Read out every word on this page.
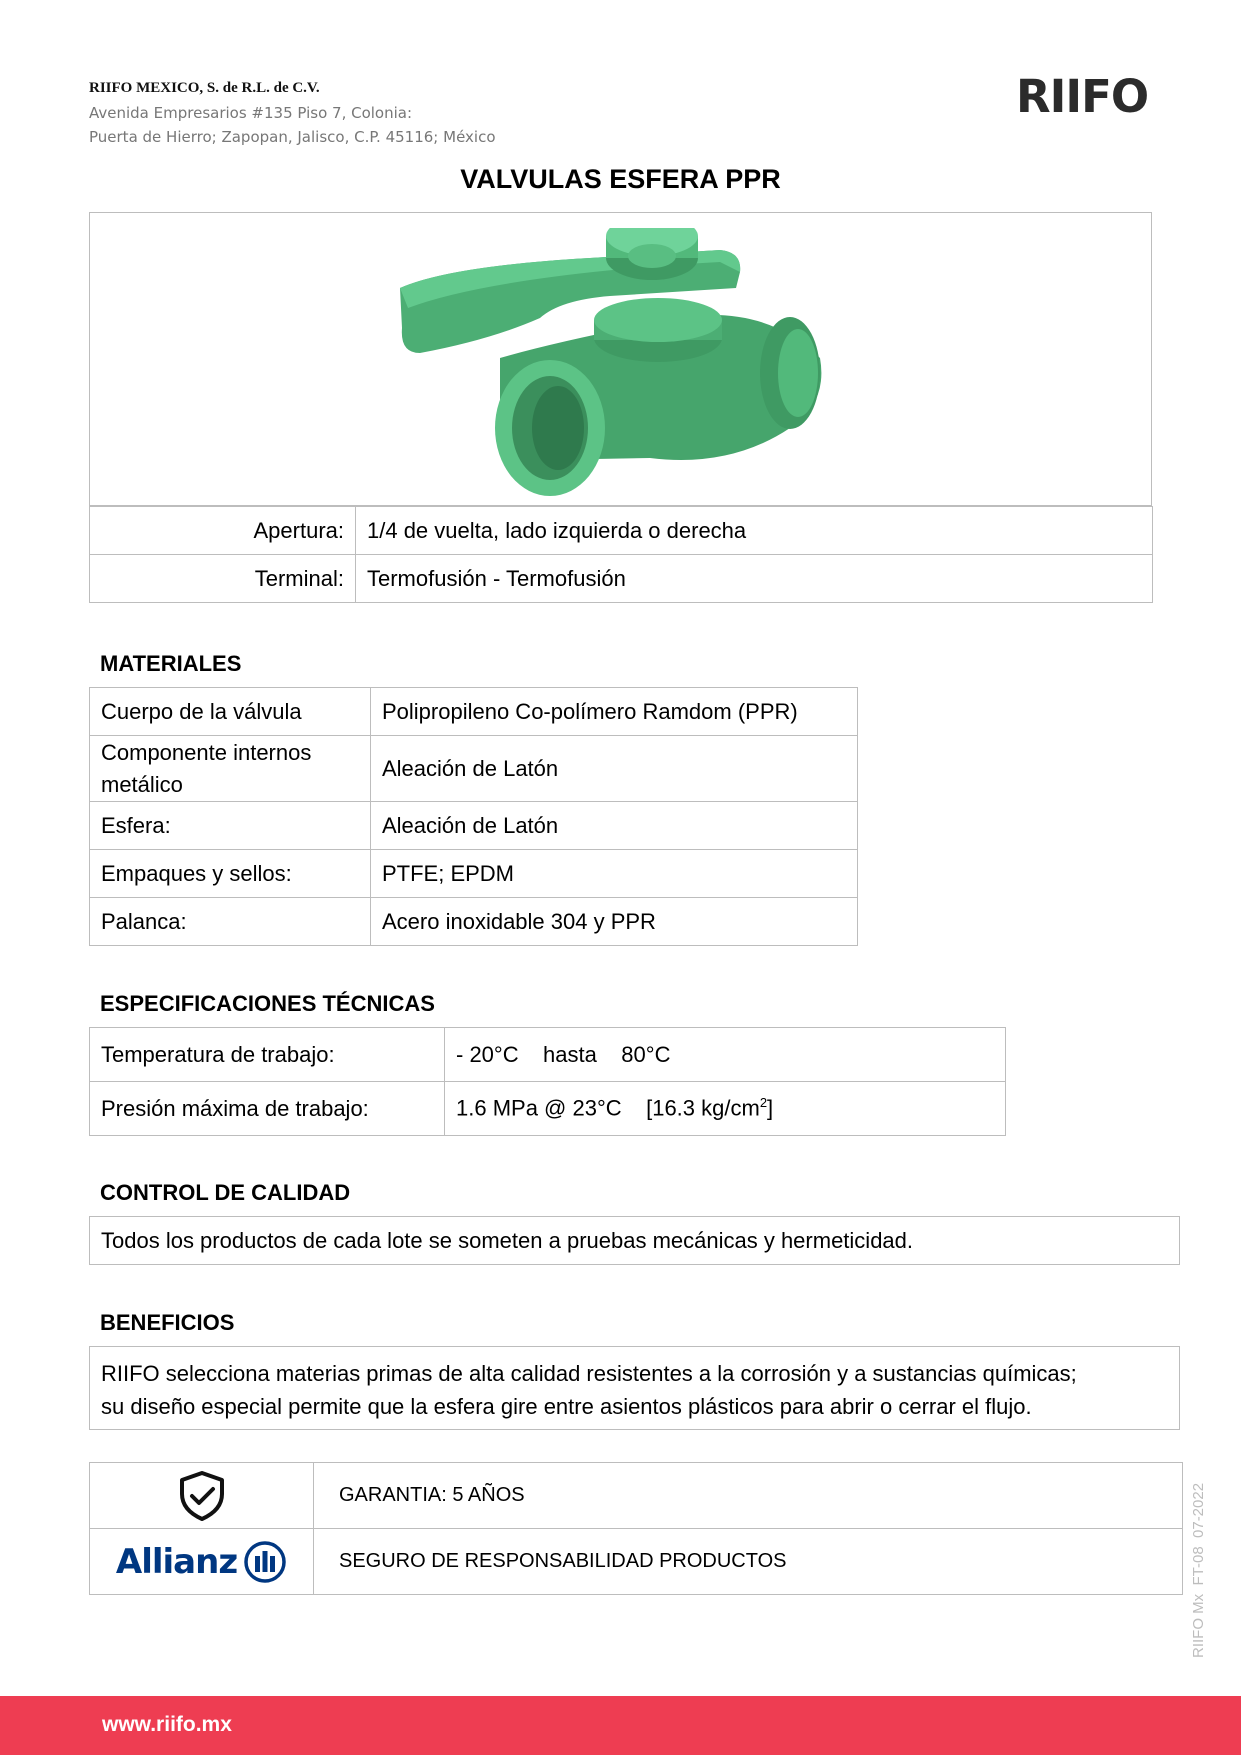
RIIFO MEXICO, S. de R.L. de C.V.
Avenida Empresarios #135 Piso 7, Colonia:
Puerta de Hierro; Zapopan, Jalisco, C.P. 45116; México
RIIFO
VALVULAS ESFERA PPR
Apertura:	1/4 de vuelta, lado izquierda o derecha
Terminal:	Termofusión - Termofusión
MATERIALES
Cuerpo de la válvula	Polipropileno Co-polímero Ramdom (PPR)
Componente internos metálico	Aleación de Latón
Esfera:	Aleación de Latón
Empaques y sellos:	PTFE; EPDM
Palanca:	Acero inoxidable 304 y PPR
ESPECIFICACIONES TÉCNICAS
Temperatura de trabajo:	- 20°C    hasta    80°C
Presión máxima de trabajo:	1.6 MPa @ 23°C    [16.3 $kg/cm^2$]
CONTROL DE CALIDAD
Todos los productos de cada lote se someten a pruebas mecánicas y hermeticidad.
BENEFICIOS
RIIFO selecciona materias primas de alta calidad resistentes a la corrosión y a sustancias químicas;
su diseño especial permite que la esfera gire entre asientos plásticos para abrir o cerrar el flujo.
	GARANTIA: 5 AÑOS

Allianz	SEGURO DE RESPONSABILIDAD PRODUCTOS	RIIFO Mx  FT-08  07-2022
www.riifo.mx
